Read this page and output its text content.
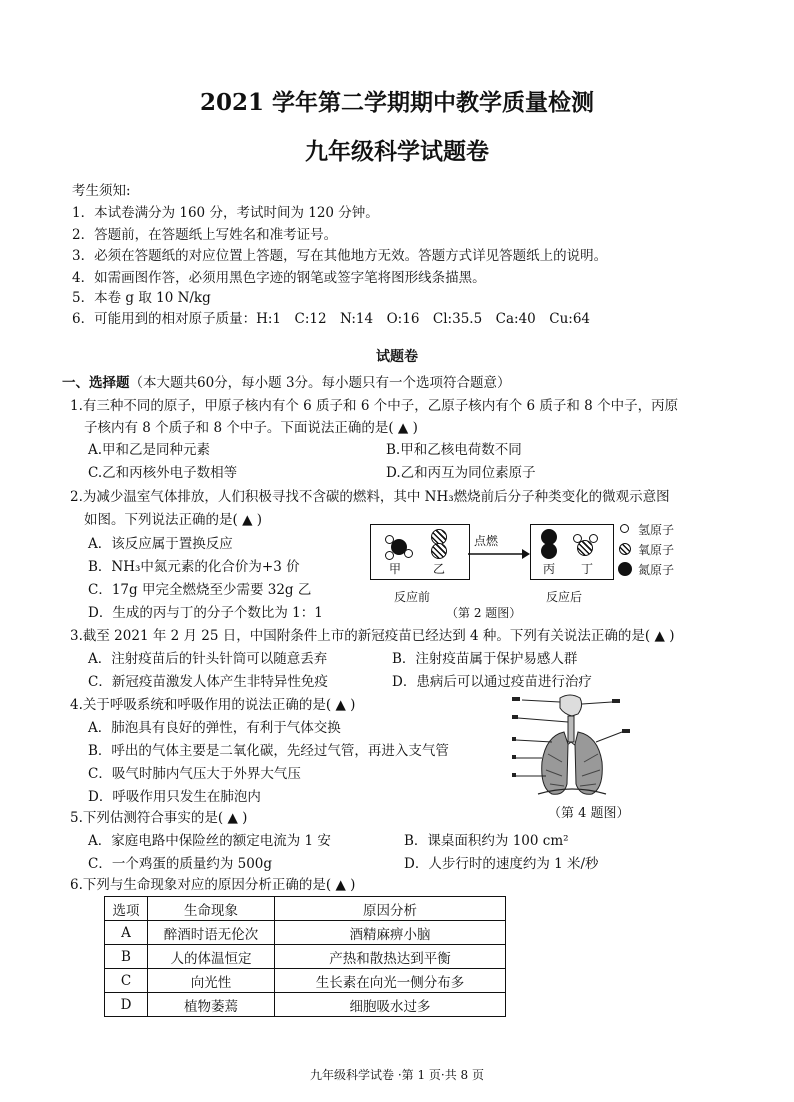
2021 学年第二学期期中教学质量检测
九年级科学试题卷
考生须知:
1．本试卷满分为 160 分，考试时间为 120 分钟。
2．答题前，在答题纸上写姓名和准考证号。
3．必须在答题纸的对应位置上答题，写在其他地方无效。答题方式详见答题纸上的说明。
4．如需画图作答，必须用黑色字迹的钢笔或签字笔将图形线条描黑。
5．本卷 g 取 10 N/kg
6．可能用到的相对原子质量：H:1　C:12　N:14　O:16　Cl:35.5　Ca:40　Cu:64
试题卷
一、选择题（本大题共60分，每小题 3分。每小题只有一个选项符合题意）
1.有三种不同的原子，甲原子核内有个 6 质子和 6 个中子，乙原子核内有个 6 质子和 8 个中子，丙原
子核内有 8 个质子和 8 个中子。下面说法正确的是( ▲ )
A.甲和乙是同种元素	B.甲和乙核电荷数不同
C.乙和丙核外电子数相等	D.乙和丙互为同位素原子
2.为减少温室气体排放，人们积极寻找不含碳的燃料，其中 NH₃燃烧前后分子种类变化的微观示意图
如图。下列说法正确的是( ▲ )
A．该反应属于置换反应
B．NH₃中氮元素的化合价为+3 价
C．17g 甲完全燃烧至少需要 32g 乙
D．生成的丙与丁的分子个数比为 1：1
甲	乙
点燃
丙 丁
氢原子
氧原子
氮原子
反应前	反应后
（第 2 题图）
3.截至 2021 年 2 月 25 日，中国附条件上市的新冠疫苗已经达到 4 种。下列有关说法正确的是( ▲ )
A．注射疫苗后的针头针筒可以随意丢弃	B．注射疫苗属于保护易感人群
C．新冠疫苗激发人体产生非特异性免疫	D．患病后可以通过疫苗进行治疗
4.关于呼吸系统和呼吸作用的说法正确的是( ▲ )
A．肺泡具有良好的弹性，有利于气体交换
B．呼出的气体主要是二氧化碳，先经过气管，再进入支气管
C．吸气时肺内气压大于外界大气压
D．呼吸作用只发生在肺泡内
（第 4 题图）
5.下列估测符合事实的是( ▲ )
A．家庭电路中保险丝的额定电流为 1 安	B．课桌面积约为 100 cm²
C．一个鸡蛋的质量约为 500g	D．人步行时的速度约为 1 米/秒
6.下列与生命现象对应的原因分析正确的是( ▲ )
选项	生命现象	原因分析
A	醉酒时语无伦次	酒精麻痹小脑
B	人的体温恒定	产热和散热达到平衡
C	向光性	生长素在向光一侧分布多
D	植物萎蔫	细胞吸水过多
九年级科学试卷 ·第 1 页·共 8 页
